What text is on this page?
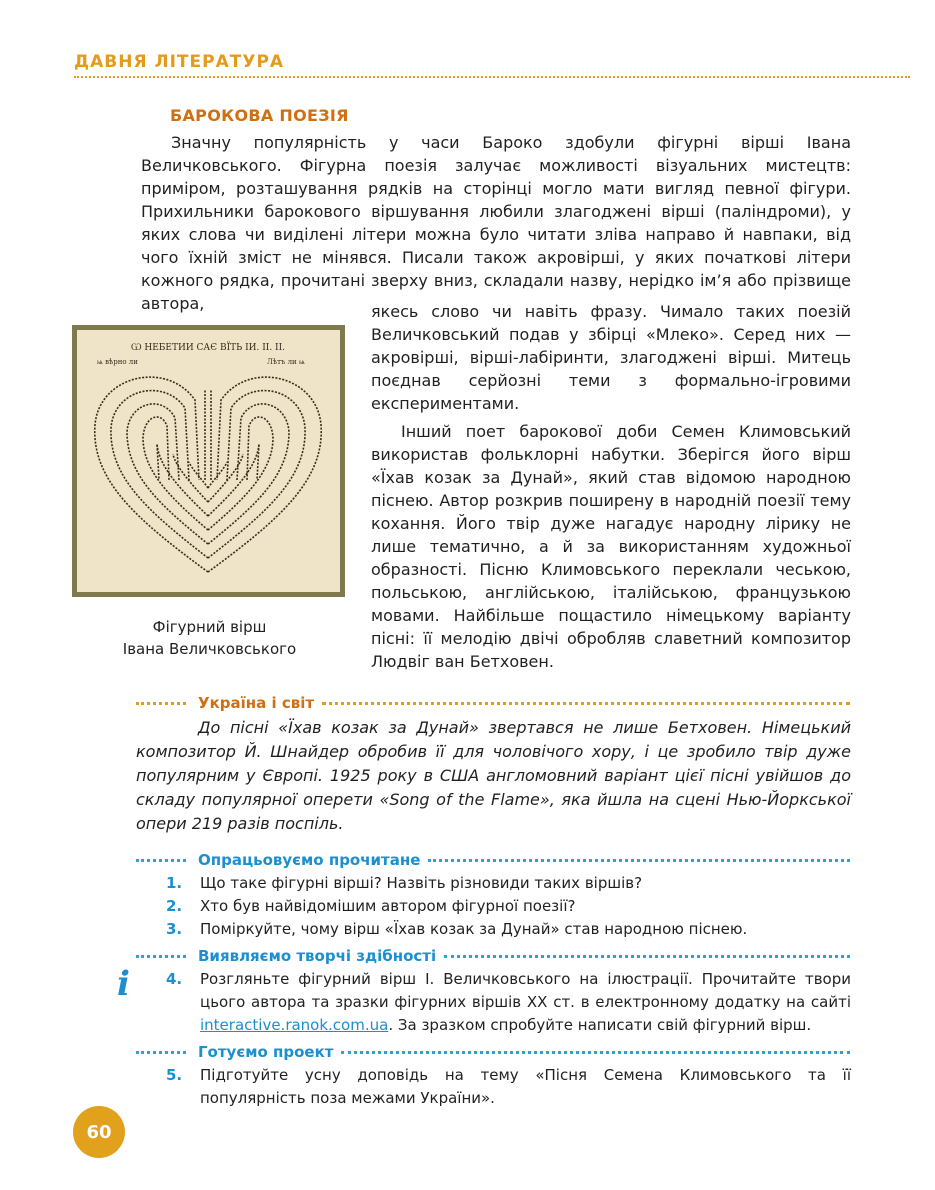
ДАВНЯ ЛІТЕРАТУРА
БАРОКОВА ПОЕЗІЯ
Значну популярність у часи Бароко здобули фігурні вірші Івана Величковського. Фігурна поезія залучає можливості візуальних мистецтв: приміром, розташування рядків на сторінці могло мати вигляд певної фігури. Прихильники барокового віршування любили злагоджені вірші (паліндроми), у яких слова чи виділені літери можна було читати зліва направо й навпаки, від чого їхній зміст не мінявся. Писали також акровірші, у яких початкові літери кожного рядка, прочитані зверху вниз, складали назву, нерідко ім’я або прізвище автора,	якесь слово чи навіть фразу. Чимало таких поезій Величковський подав у збірці «Млеко». Серед них — акровірші, вірші-лабіринти, злагоджені вірші. Митець поєднав серйозні теми з формально-ігровими експериментами.
Інший поет барокової доби Семен Климовський використав фольклорні набутки. Зберігся його вірш «Їхав козак за Дунай», який став відомою народною піснею. Автор розкрив поширену в народній поезії тему кохання. Його твір дуже нагадує народну лірику не лише тематично, а й за використанням художньої образності. Пісню Климовського переклали чеською, польською, англійською, італійською, французькою мовами. Найбільше пощастило німецькому варіанту пісні: її мелодію двічі обробляв славетний композитор Людвіг ван Бетховен.
Ѡ НЕБЕТИИ САЄ ВЇТЬ ІИ. ІІ. ІІ.
ѩ вѣрно ли	Лѣтъ ли ѩ
Фігурний вірш
Івана Величковського
Україна і світ
До пісні «Їхав козак за Дунай» звертався не лише Бетховен. Німецький композитор Й. Шнайдер обробив її для чоловічого хору, і це зробило твір дуже популярним у Європі. 1925 року в США англомовний варіант цієї пісні увійшов до складу популярної оперети «Song of the Flame», яка йшла на сцені Нью-Йоркської опери 219 разів поспіль.
Опрацьовуємо прочитане
1.	Що таке фігурні вірші? Назвіть різновиди таких віршів?
2.	Хто був найвідомішим автором фігурної поезії?
3.	Поміркуйте, чому вірш «Їхав козак за Дунай» став народною піснею.
Виявляємо творчі здібності
i 4.	Розгляньте фігурний вірш І. Величковського на ілюстрації. Прочитайте твори цього автора та зразки фігурних віршів ХХ ст. в електронному додатку на сайті interactive.ranok.com.ua. За зразком спробуйте написати свій фігурний вірш.
Готуємо проект
5.	Підготуйте усну доповідь на тему «Пісня Семена Климовського та її популярність поза межами України».
60
